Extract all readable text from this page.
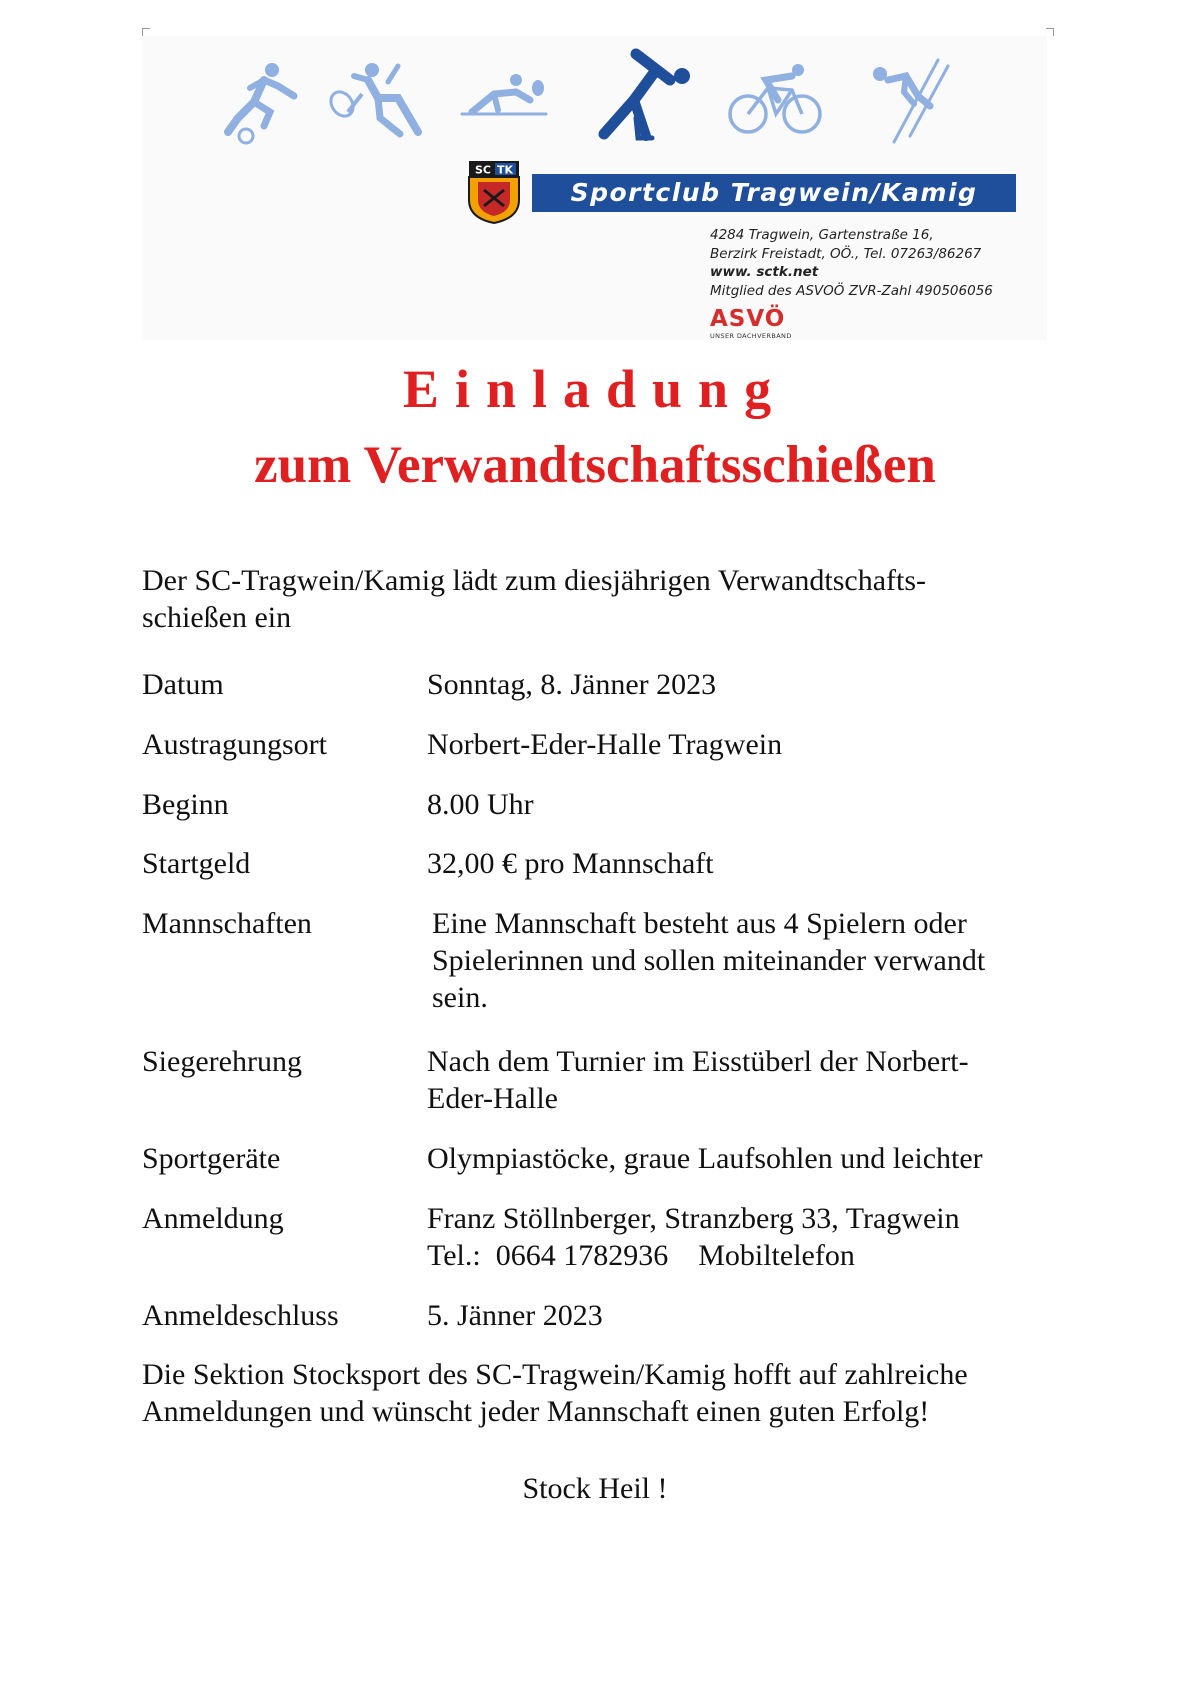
SC TK
Sportclub Tragwein/Kamig
4284 Tragwein, Gartenstraße 16,
Berzirk Freistadt, OÖ., Tel. 07263/86267
www. sctk.net
Mitglied des ASVOÖ ZVR-Zahl 490506056
ASVÖ
UNSER DACHVERBAND
Einladung
zum Verwandtschaftsschießen
Der SC-Tragwein/Kamig lädt zum diesjährigen Verwandtschafts-schießen ein
Datum	Sonntag, 8. Jänner 2023
Austragungsort	Norbert-Eder-Halle Tragwein
Beginn	8.00 Uhr
Startgeld	32,00 € pro Mannschaft
Mannschaften	Eine Mannschaft besteht aus 4 Spielern oder
Spielerinnen und sollen miteinander verwandt
sein.
Siegerehrung	Nach dem Turnier im Eisstüberl der Norbert-
Eder-Halle
Sportgeräte	Olympiastöcke, graue Laufsohlen und leichter
Anmeldung	Franz Stöllnberger, Stranzberg 33, Tragwein
Tel.:  0664 1782936    Mobiltelefon
Anmeldeschluss	5. Jänner 2023
Die Sektion Stocksport des SC-Tragwein/Kamig hofft auf zahlreiche
Anmeldungen und wünscht jeder Mannschaft einen guten Erfolg!
Stock Heil !
